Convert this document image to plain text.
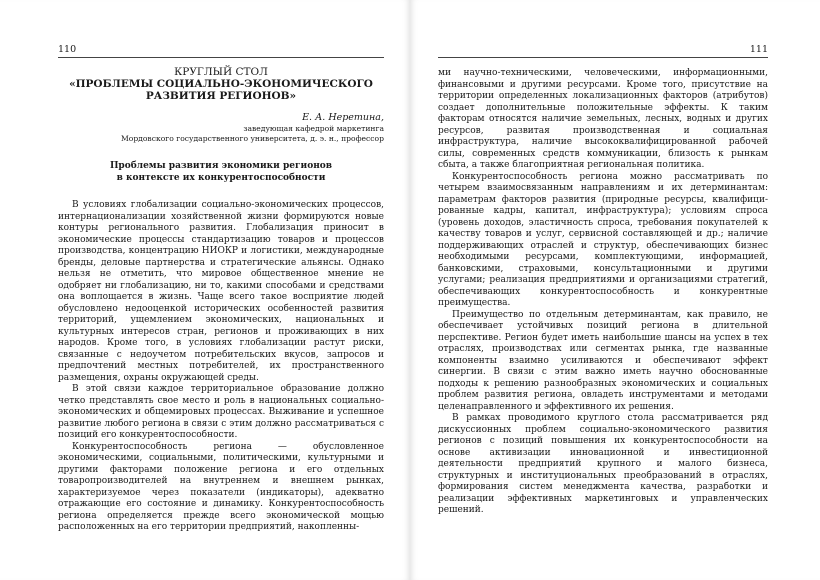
110

КРУГЛЫЙ СТОЛ

«ПРОБЛЕМЫ СОЦИАЛЬНО-ЭКОНОМИЧЕСКОГО

РАЗВИТИЯ РЕГИОНОВ»

Е. А. Неретина,

заведующая кафедрой маркетинга

Мордовского государственного университета, д. э. н., профессор

Проблемы развития экономики регионов
в контексте их конкурентоспособности

В условиях глобализации социально-экономических процессов, интернационализации хозяйственной жизни формируются новые контуры регионального развития. Глобализация приносит в экономические процессы стандартизацию товаров и процессов производства, концентрацию НИОКР и логистики, международные бренды, деловые партнерства и стратегические альянсы. Однако нельзя не отметить, что мировое общественное мнение не одобряет ни глобализацию, ни то, какими способами и средствами она воплощается в жизнь. Чаще всего такое восприятие людей обусловлено недооценкой исторических особенностей развития территорий, ущемлением экономических, национальных и культурных интересов стран, регионов и проживающих в них народов. Кроме того, в условиях глобализации растут риски, связанные с недоучетом потребительских вкусов, запросов и предпочтений местных потребителей, их пространственного размещения, охраны окружающей среды.

В этой связи каждое территориальное образование должно четко представлять свое место и роль в национальных социально-экономических и общемировых процессах. Выживание и успешное развитие любого региона в связи с этим должно рассматриваться с позиций его конкурентоспособности.

Конкурентоспособность региона — обусловленное экономическими, социальными, политическими, культурными и другими факторами положение региона и его отдельных товаропроизводителей на внутреннем и внешнем рынках, характеризуемое через показатели (индикаторы), адекватно отражающие его состояние и динамику. Конкурентоспособность региона определяется прежде всего экономической мощью расположенных на его территории предприятий, накопленны-

111

ми научно-техническими, человеческими, информационными, финансовыми и другими ресурсами. Кроме того, присутствие на территории определенных локализационных факторов (атрибутов) создает дополнительные положительные эффекты. К таким факторам относятся наличие земельных, лесных, водных и других ресурсов, развитая производственная и социальная инфраструктура, наличие высококвалифицированной рабочей силы, современных средств коммуникации, близость к рынкам сбыта, а также благоприятная региональная политика.

Конкурентоспособность региона можно рассматривать по четырем взаимосвязанным направлениям и их детерминантам: параметрам факторов развития (природные ресурсы, квалифици-рованные кадры, капитал, инфраструктура); условиям спроса (уровень доходов, эластичность спроса, требования покупателей к качеству товаров и услуг, сервисной составляющей и др.; наличие поддерживающих отраслей и структур, обеспечивающих бизнес необходимыми ресурсами, комплектующими, информацией, банковскими, страховыми, консультационными и другими услугами; реализация предприятиями и организациями стратегий, обеспечивающих конкурентоспособность и конкурентные преимущества.

Преимущество по отдельным детерминантам, как правило, не обеспечивает устойчивых позиций региона в длительной перспективе. Регион будет иметь наибольшие шансы на успех в тех отраслях, производствах или сегментах рынка, где названные компоненты взаимно усиливаются и обеспечивают эффект синергии. В связи с этим важно иметь научно обоснованные подходы к решению разнообразных экономических и социальных проблем развития региона, овладеть инструментами и методами целенаправленного и эффективного их решения.

В рамках проводимого круглого стола рассматривается ряд дискуссионных проблем социально-экономического развития регионов с позиций повышения их конкурентоспособности на основе активизации инновационной и инвестиционной деятельности предприятий крупного и малого бизнеса, структурных и институциональных преобразований в отраслях, формирования систем менеджмента качества, разработки и реализации эффективных маркетинговых и управленческих решений.
